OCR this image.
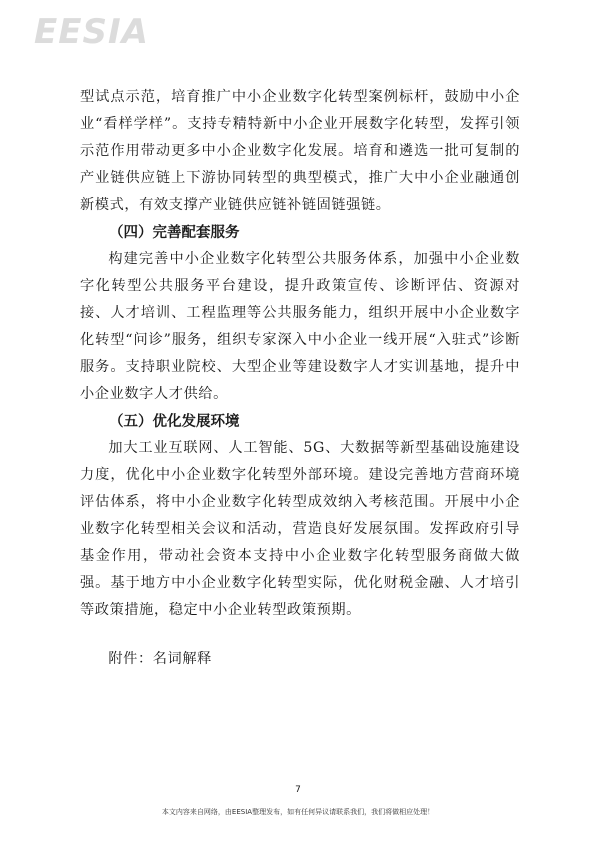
EESIA

型试点示范，培育推广中小企业数字化转型案例标杆，鼓励中小企业“看样学样”。支持专精特新中小企业开展数字化转型，发挥引领示范作用带动更多中小企业数字化发展。培育和遴选一批可复制的产业链供应链上下游协同转型的典型模式，推广大中小企业融通创新模式，有效支撑产业链供应链补链固链强链。

（四）完善配套服务

构建完善中小企业数字化转型公共服务体系，加强中小企业数字化转型公共服务平台建设，提升政策宣传、诊断评估、资源对接、人才培训、工程监理等公共服务能力，组织开展中小企业数字化转型“问诊”服务，组织专家深入中小企业一线开展“入驻式”诊断服务。支持职业院校、大型企业等建设数字人才实训基地，提升中小企业数字人才供给。

（五）优化发展环境

加大工业互联网、人工智能、5G、大数据等新型基础设施建设力度，优化中小企业数字化转型外部环境。建设完善地方营商环境评估体系，将中小企业数字化转型成效纳入考核范围。开展中小企业数字化转型相关会议和活动，营造良好发展氛围。发挥政府引导基金作用，带动社会资本支持中小企业数字化转型服务商做大做强。基于地方中小企业数字化转型实际，优化财税金融、人才培引等政策措施，稳定中小企业转型政策预期。

附件：名词解释

7
本文内容来自网络，由EESIA整理发布，如有任何异议请联系我们，我们将做相应处理！
